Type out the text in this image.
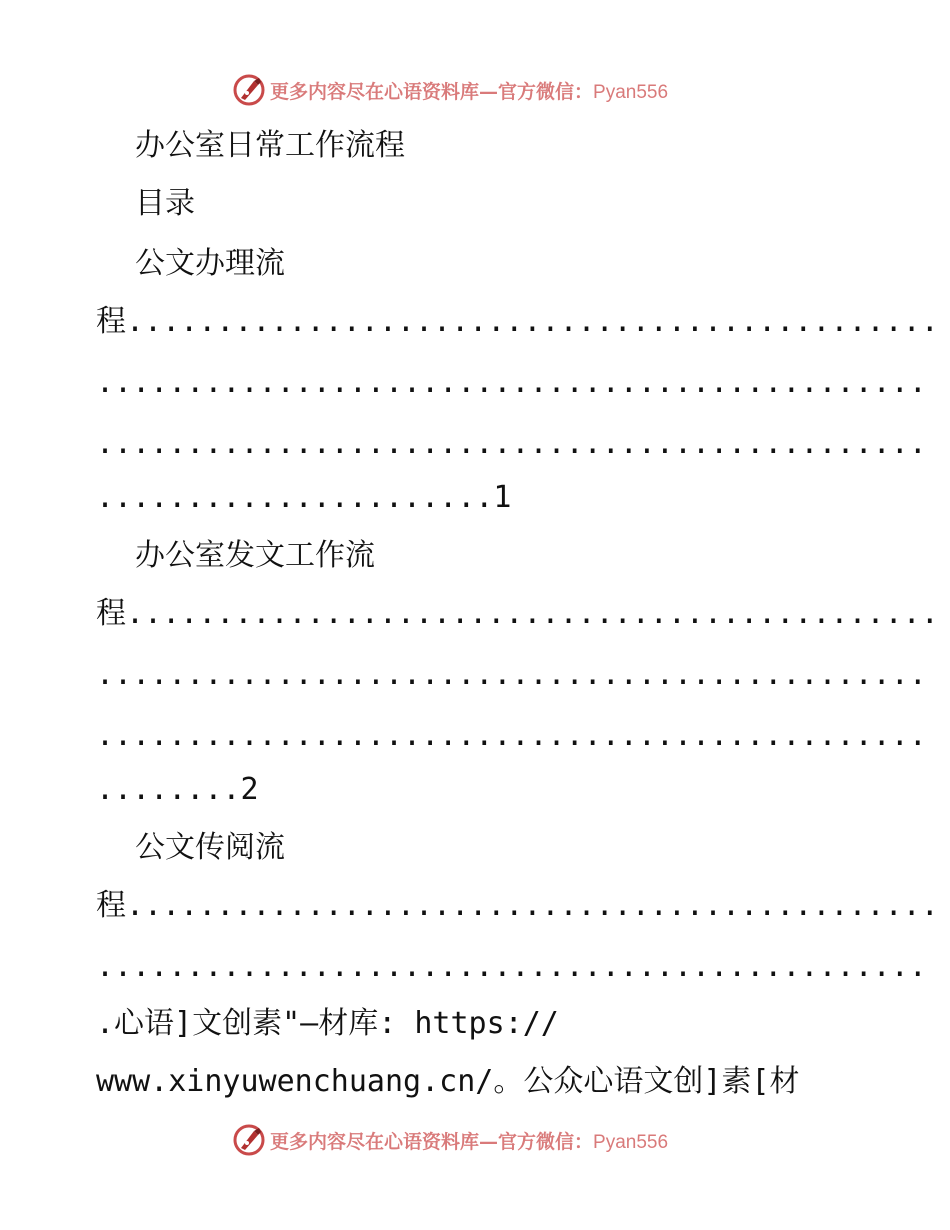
更多内容尽在心语资料库—官方微信：Pyan556
办公室日常工作流程
目录
公文办理流
程.............................................
..............................................
..............................................
......................1
办公室发文工作流
程.............................................
..............................................
..............................................
........2
公文传阅流
程.............................................
..............................................
.心语]文创素"—材库: https://
www.xinyuwenchuang.cn/。公众心语文创]素[材
更多内容尽在心语资料库—官方微信：Pyan556
